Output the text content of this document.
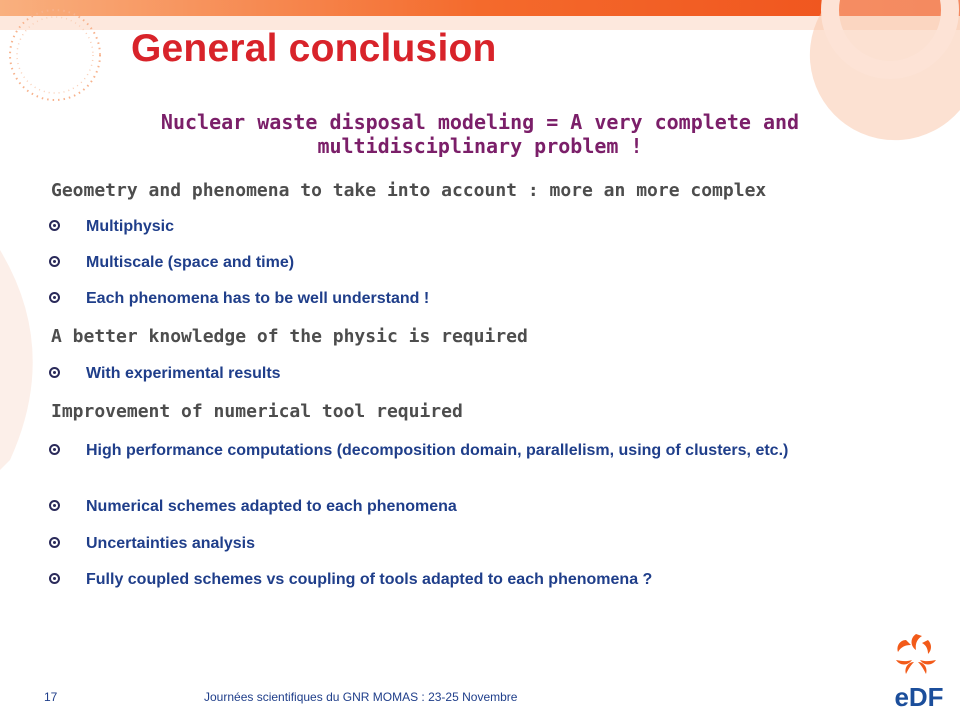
General conclusion

Nuclear waste disposal modeling = A very complete and multidisciplinary problem !

Geometry and phenomena to take into account : more an more complex

Multiphysic
Multiscale (space and time)
Each phenomena has to be well understand !

A better knowledge of the physic is required

With experimental results

Improvement of numerical tool required

High performance computations (decomposition domain, parallelism, using of clusters, etc.)
Numerical schemes adapted to each phenomena
Uncertainties analysis
Fully coupled schemes vs coupling of tools adapted to each phenomena ?
17	Journées scientifiques du GNR MOMAS : 23-25 Novembre	eDF
